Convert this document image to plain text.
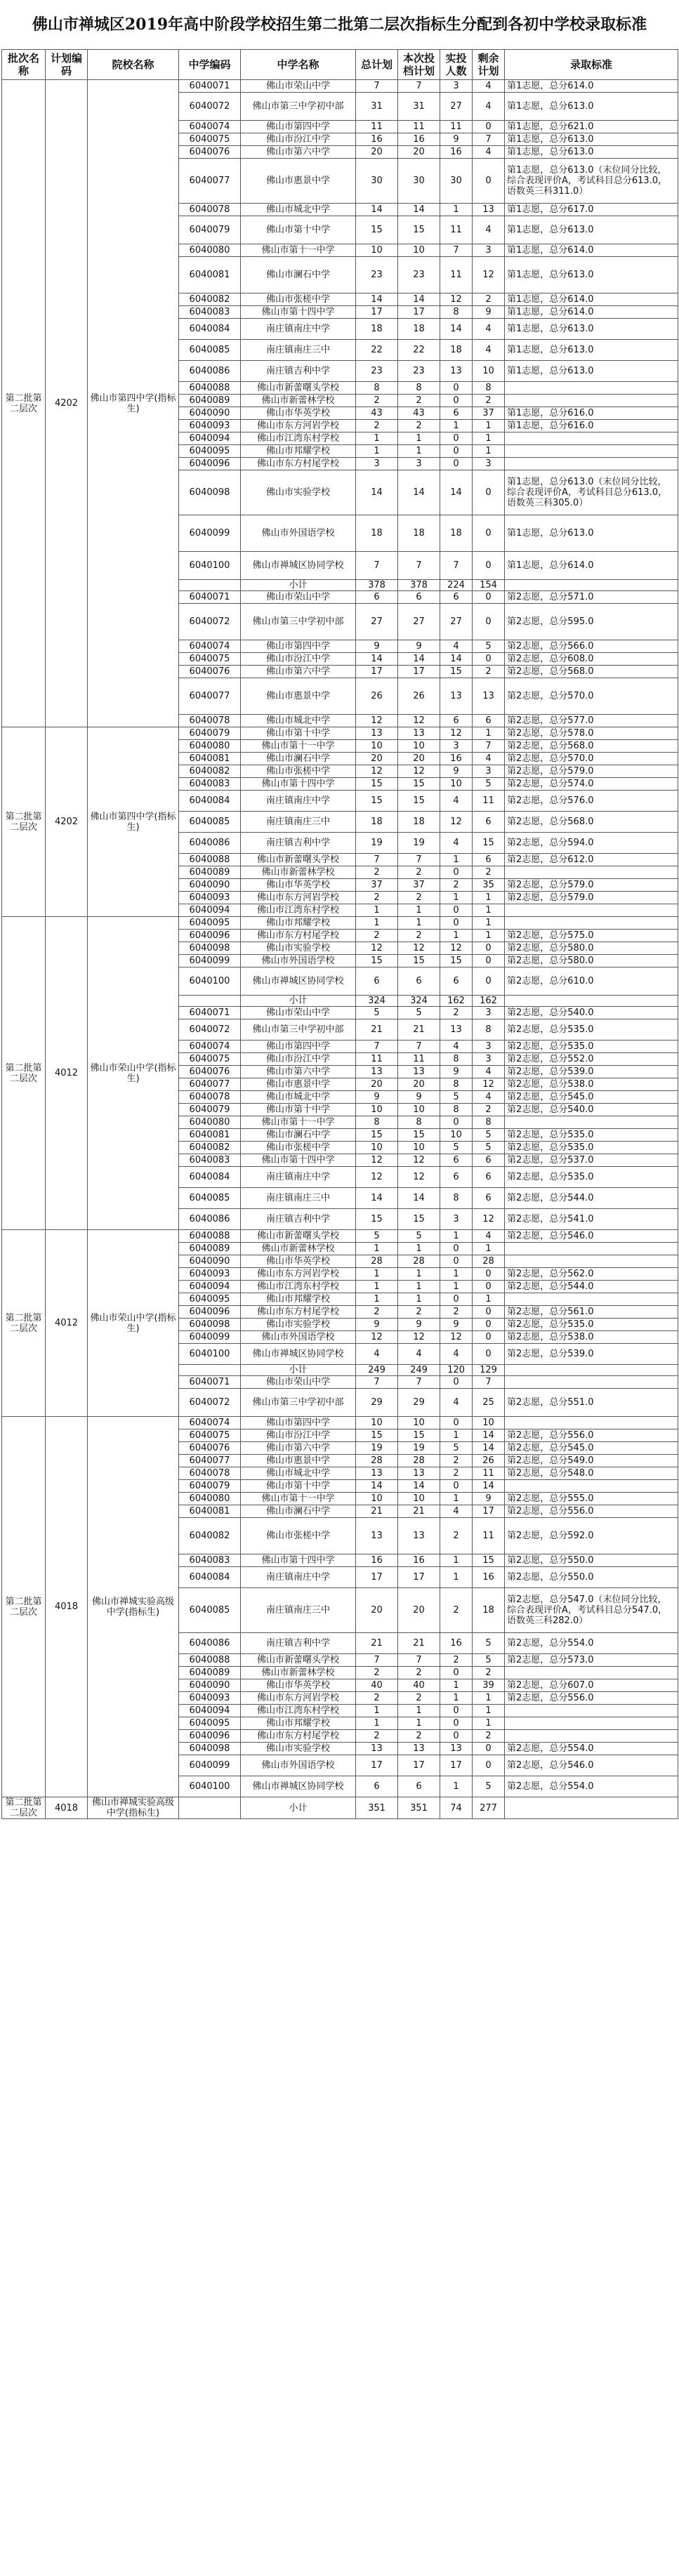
佛山市禅城区2019年高中阶段学校招生第二批第二层次指标生分配到各初中学校录取标准
批次名称	计划编码	院校名称	中学编码	中学名称	总计划	本次投档计划	实投人数	剩余计划	录取标准
第二批第二层次	4202	佛山市第四中学(指标生)	6040071	佛山市荣山中学	7	7	3	4	第1志愿，总分614.0
			6040072	佛山市第三中学初中部	31	31	27	4	第1志愿，总分613.0
			6040074	佛山市第四中学	11	11	11	0	第1志愿，总分621.0
			6040075	佛山市汾江中学	16	16	9	7	第1志愿，总分613.0
			6040076	佛山市第六中学	20	20	16	4	第1志愿，总分613.0
			6040077	佛山市惠景中学	30	30	30	0	第1志愿，总分613.0（末位同分比较，综合表现评价A，考试科目总分613.0，语数英三科311.0）
			6040078	佛山市城北中学	14	14	1	13	第1志愿，总分617.0
			6040079	佛山市第十中学	15	15	11	4	第1志愿，总分613.0
			6040080	佛山市第十一中学	10	10	7	3	第1志愿，总分614.0
			6040081	佛山市澜石中学	23	23	11	12	第1志愿，总分613.0
			6040082	佛山市张槎中学	14	14	12	2	第1志愿，总分614.0
			6040083	佛山市第十四中学	17	17	8	9	第1志愿，总分614.0
			6040084	南庄镇南庄中学	18	18	14	4	第1志愿，总分613.0
			6040085	南庄镇南庄三中	22	22	18	4	第1志愿，总分613.0
			6040086	南庄镇吉利中学	23	23	13	10	第1志愿，总分613.0
			6040088	佛山市新蕾曙头学校	8	8	0	8	
			6040089	佛山市新蕾林学校	2	2	0	2	
			6040090	佛山市华英学校	43	43	6	37	第1志愿，总分616.0
			6040093	佛山市东方河岩学校	2	2	1	1	第1志愿，总分616.0
			6040094	佛山市江湾东村学校	1	1	0	1	
			6040095	佛山市邦耀学校	1	1	0	1	
			6040096	佛山市东方村尾学校	3	3	0	3	
			6040098	佛山市实验学校	14	14	14	0	第1志愿，总分613.0（末位同分比较，综合表现评价A，考试科目总分613.0，语数英三科305.0）
			6040099	佛山市外国语学校	18	18	18	0	第1志愿，总分613.0
			6040100	佛山市禅城区协同学校	7	7	7	0	第1志愿，总分614.0
				小计	378	378	224	154	
			6040071	佛山市荣山中学	6	6	6	0	第2志愿，总分571.0
			6040072	佛山市第三中学初中部	27	27	27	0	第2志愿，总分595.0
			6040074	佛山市第四中学	9	9	4	5	第2志愿，总分566.0
			6040075	佛山市汾江中学	14	14	14	0	第2志愿，总分608.0
			6040076	佛山市第六中学	17	17	15	2	第2志愿，总分568.0
			6040077	佛山市惠景中学	26	26	13	13	第2志愿，总分570.0
			6040078	佛山市城北中学	12	12	6	6	第2志愿，总分577.0
第二批第二层次	4202	佛山市第四中学(指标生)	6040079	佛山市第十中学	13	13	12	1	第2志愿，总分578.0
			6040080	佛山市第十一中学	10	10	3	7	第2志愿，总分568.0
			6040081	佛山市澜石中学	20	20	16	4	第2志愿，总分570.0
			6040082	佛山市张槎中学	12	12	9	3	第2志愿，总分579.0
			6040083	佛山市第十四中学	15	15	10	5	第2志愿，总分574.0
			6040084	南庄镇南庄中学	15	15	4	11	第2志愿，总分576.0
			6040085	南庄镇南庄三中	18	18	12	6	第2志愿，总分568.0
			6040086	南庄镇吉利中学	19	19	4	15	第2志愿，总分594.0
			6040088	佛山市新蕾曙头学校	7	7	1	6	第2志愿，总分612.0
			6040089	佛山市新蕾林学校	2	2	0	2	
			6040090	佛山市华英学校	37	37	2	35	第2志愿，总分579.0
			6040093	佛山市东方河岩学校	2	2	1	1	第2志愿，总分579.0
			6040094	佛山市江湾东村学校	1	1	0	1	
第二批第二层次	4012	佛山市荣山中学(指标生)	6040095	佛山市邦耀学校	1	1	0	1	
			6040096	佛山市东方村尾学校	2	2	1	1	第2志愿，总分575.0
			6040098	佛山市实验学校	12	12	12	0	第2志愿，总分580.0
			6040099	佛山市外国语学校	15	15	15	0	第2志愿，总分580.0
			6040100	佛山市禅城区协同学校	6	6	6	0	第2志愿，总分610.0
				小计	324	324	162	162	
			6040071	佛山市荣山中学	5	5	2	3	第2志愿，总分540.0
			6040072	佛山市第三中学初中部	21	21	13	8	第2志愿，总分535.0
			6040074	佛山市第四中学	7	7	4	3	第2志愿，总分535.0
			6040075	佛山市汾江中学	11	11	8	3	第2志愿，总分552.0
			6040076	佛山市第六中学	13	13	9	4	第2志愿，总分539.0
			6040077	佛山市惠景中学	20	20	8	12	第2志愿，总分538.0
			6040078	佛山市城北中学	9	9	5	4	第2志愿，总分545.0
			6040079	佛山市第十中学	10	10	8	2	第2志愿，总分540.0
			6040080	佛山市第十一中学	8	8	0	8	
			6040081	佛山市澜石中学	15	15	10	5	第2志愿，总分535.0
			6040082	佛山市张槎中学	10	10	5	5	第2志愿，总分535.0
			6040083	佛山市第十四中学	12	12	6	6	第2志愿，总分537.0
			6040084	南庄镇南庄中学	12	12	6	6	第2志愿，总分535.0
			6040085	南庄镇南庄三中	14	14	8	6	第2志愿，总分544.0
			6040086	南庄镇吉利中学	15	15	3	12	第2志愿，总分541.0
第二批第二层次	4012	佛山市荣山中学(指标生)	6040088	佛山市新蕾曙头学校	5	5	1	4	第2志愿，总分546.0
			6040089	佛山市新蕾林学校	1	1	0	1	
			6040090	佛山市华英学校	28	28	0	28	
			6040093	佛山市东方河岩学校	1	1	1	0	第2志愿，总分562.0
			6040094	佛山市江湾东村学校	1	1	1	0	第2志愿，总分544.0
			6040095	佛山市邦耀学校	1	1	0	1	
			6040096	佛山市东方村尾学校	2	2	2	0	第2志愿，总分561.0
			6040098	佛山市实验学校	9	9	9	0	第2志愿，总分535.0
			6040099	佛山市外国语学校	12	12	12	0	第2志愿，总分538.0
			6040100	佛山市禅城区协同学校	4	4	4	0	第2志愿，总分539.0
				小计	249	249	120	129	
			6040071	佛山市荣山中学	7	7	0	7	
			6040072	佛山市第三中学初中部	29	29	4	25	第2志愿，总分551.0
第二批第二层次	4018	佛山市禅城实验高级中学(指标生)	6040074	佛山市第四中学	10	10	0	10	
			6040075	佛山市汾江中学	15	15	1	14	第2志愿，总分556.0
			6040076	佛山市第六中学	19	19	5	14	第2志愿，总分545.0
			6040077	佛山市惠景中学	28	28	2	26	第2志愿，总分549.0
			6040078	佛山市城北中学	13	13	2	11	第2志愿，总分548.0
			6040079	佛山市第十中学	14	14	0	14	
			6040080	佛山市第十一中学	10	10	1	9	第2志愿，总分555.0
			6040081	佛山市澜石中学	21	21	4	17	第2志愿，总分556.0
			6040082	佛山市张槎中学	13	13	2	11	第2志愿，总分592.0
			6040083	佛山市第十四中学	16	16	1	15	第2志愿，总分550.0
			6040084	南庄镇南庄中学	17	17	1	16	第2志愿，总分550.0
			6040085	南庄镇南庄三中	20	20	2	18	第2志愿，总分547.0（末位同分比较，综合表现评价A，考试科目总分547.0，语数英三科282.0）
			6040086	南庄镇吉利中学	21	21	16	5	第2志愿，总分554.0
			6040088	佛山市新蕾曙头学校	7	7	2	5	第2志愿，总分573.0
			6040089	佛山市新蕾林学校	2	2	0	2	
			6040090	佛山市华英学校	40	40	1	39	第2志愿，总分607.0
			6040093	佛山市东方河岩学校	2	2	1	1	第2志愿，总分556.0
			6040094	佛山市江湾东村学校	1	1	0	1	
			6040095	佛山市邦耀学校	1	1	0	1	
			6040096	佛山市东方村尾学校	2	2	0	2	
			6040098	佛山市实验学校	13	13	13	0	第2志愿，总分554.0
			6040099	佛山市外国语学校	17	17	17	0	第2志愿，总分546.0
			6040100	佛山市禅城区协同学校	6	6	1	5	第2志愿，总分554.0
第二批第二层次	4018	佛山市禅城实验高级中学(指标生)		小计	351	351	74	277	
